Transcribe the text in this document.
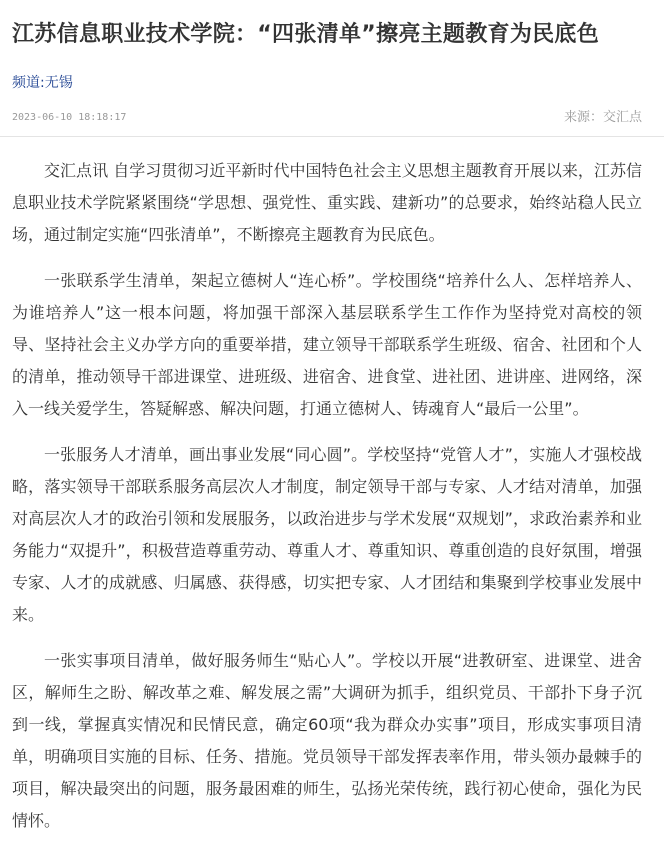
江苏信息职业技术学院：“四张清单”擦亮主题教育为民底色
频道:无锡
2023-06-10 18:18:17	来源：交汇点

交汇点讯 自学习贯彻习近平新时代中国特色社会主义思想主题教育开展以来，江苏信息职业技术学院紧紧围绕“学思想、强党性、重实践、建新功”的总要求，始终站稳人民立场，通过制定实施“四张清单”，不断擦亮主题教育为民底色。

一张联系学生清单，架起立德树人“连心桥”。学校围绕“培养什么人、怎样培养人、为谁培养人”这一根本问题，将加强干部深入基层联系学生工作作为坚持党对高校的领导、坚持社会主义办学方向的重要举措，建立领导干部联系学生班级、宿舍、社团和个人的清单，推动领导干部进课堂、进班级、进宿舍、进食堂、进社团、进讲座、进网络，深入一线关爱学生，答疑解惑、解决问题，打通立德树人、铸魂育人“最后一公里”。

一张服务人才清单，画出事业发展“同心圆”。学校坚持“党管人才”，实施人才强校战略，落实领导干部联系服务高层次人才制度，制定领导干部与专家、人才结对清单，加强对高层次人才的政治引领和发展服务，以政治进步与学术发展“双规划”，求政治素养和业务能力“双提升”，积极营造尊重劳动、尊重人才、尊重知识、尊重创造的良好氛围，增强专家、人才的成就感、归属感、获得感，切实把专家、人才团结和集聚到学校事业发展中来。

一张实事项目清单，做好服务师生“贴心人”。学校以开展“进教研室、进课堂、进舍区，解师生之盼、解改革之难、解发展之需”大调研为抓手，组织党员、干部扑下身子沉到一线，掌握真实情况和民情民意，确定60项“我为群众办实事”项目，形成实事项目清单，明确项目实施的目标、任务、措施。党员领导干部发挥表率作用，带头领办最棘手的项目，解决最突出的问题，服务最困难的师生，弘扬光荣传统，践行初心使命，强化为民情怀。
